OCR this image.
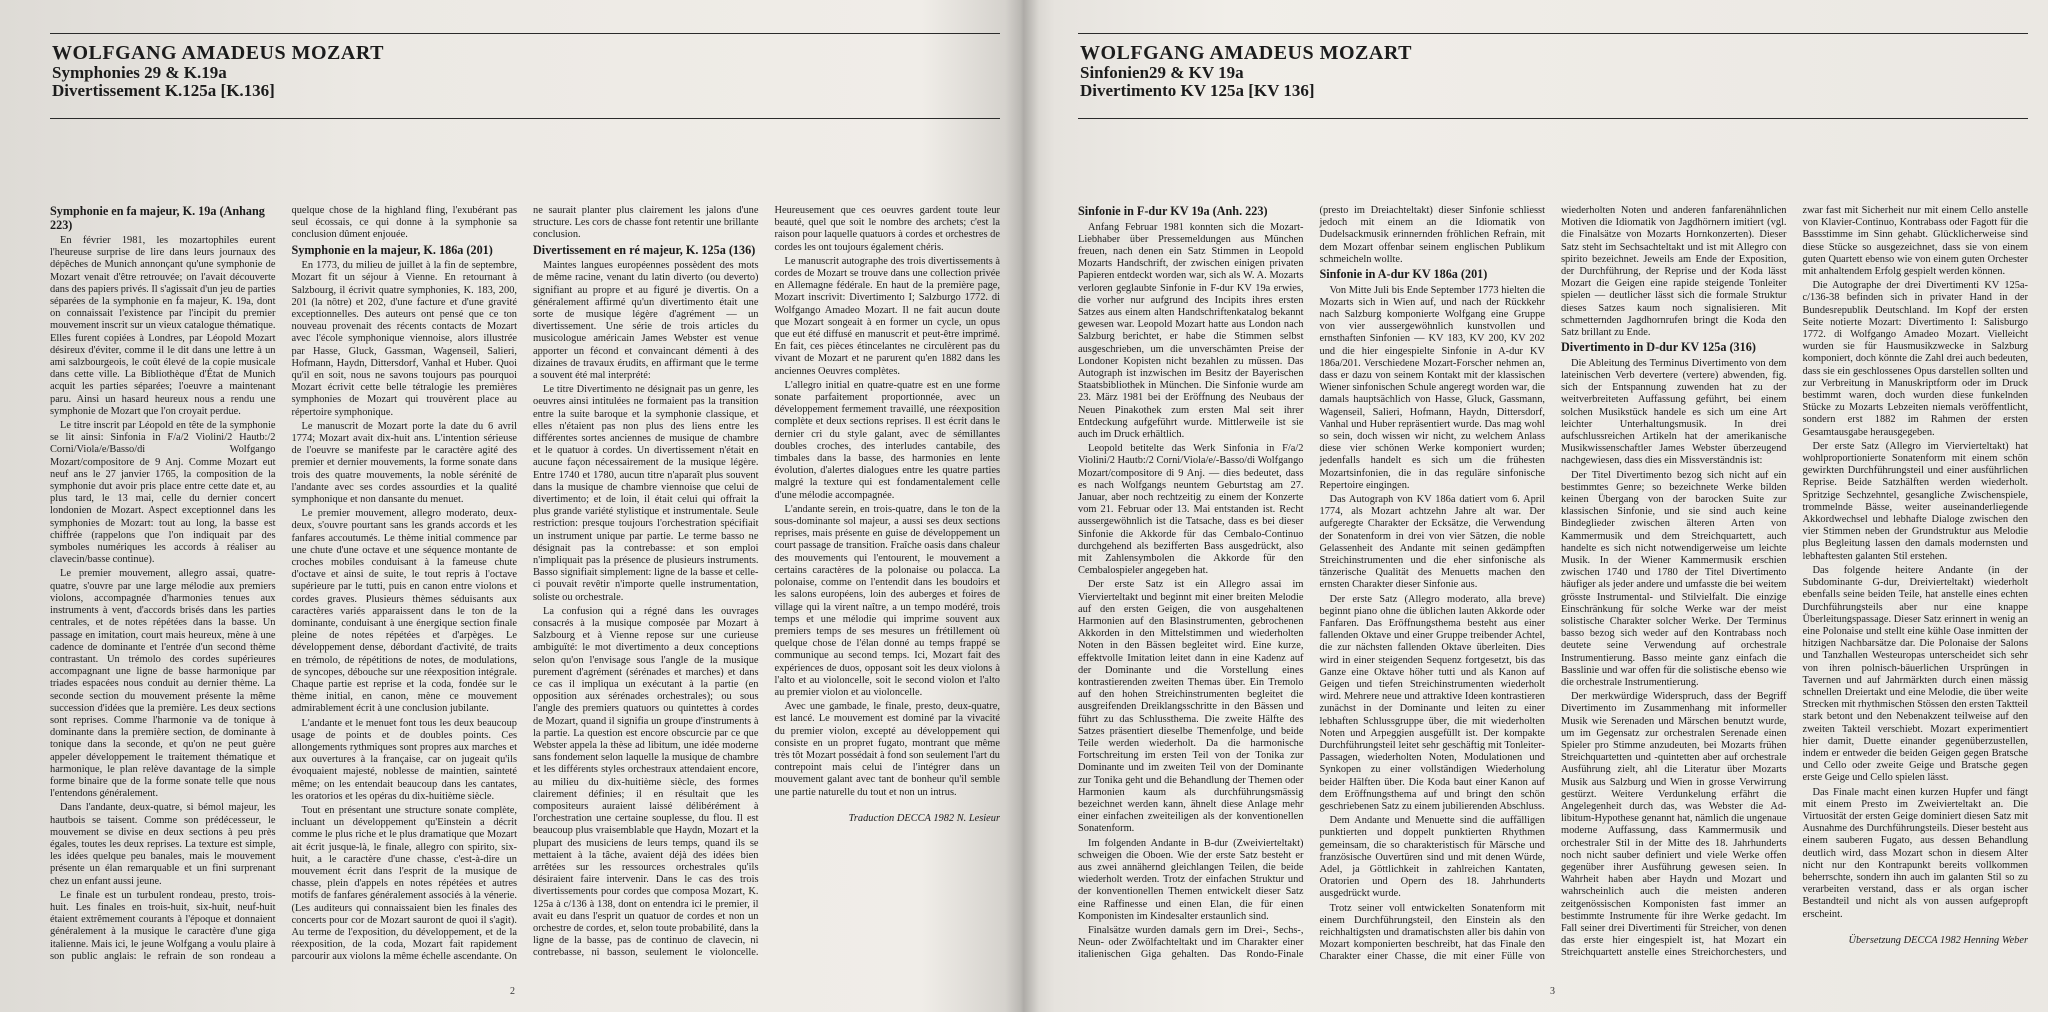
WOLFGANG AMADEUS MOZART
Symphonies 29 & K.19a
Divertissement K.125a [K.136]
Symphonie en fa majeur, K. 19a (Anhang 223)

En février 1981, les mozartophiles eurent l'heureuse surprise de lire dans leurs journaux des dépêches de Munich annonçant qu'une symphonie de Mozart venait d'être retrouvée; on l'avait découverte dans des papiers privés. Il s'agissait d'un jeu de parties séparées de la symphonie en fa majeur, K. 19a, dont on connaissait l'existence par l'incipit du premier mouvement inscrit sur un vieux catalogue thématique. Elles furent copiées à Londres, par Léopold Mozart désireux d'éviter, comme il le dit dans une lettre à un ami salzbourgeois, le coût élevé de la copie musicale dans cette ville. La Bibliothèque d'État de Munich acquit les parties séparées; l'oeuvre a maintenant paru. Ainsi un hasard heureux nous a rendu une symphonie de Mozart que l'on croyait perdue.

Le titre inscrit par Léopold en tête de la symphonie se lit ainsi: Sinfonia in F/a/2 Violini/2 Hautb:/2 Corni/Viola/e/Basso/di Wolfgango Mozart/compositore de 9 Anj. Comme Mozart eut neuf ans le 27 janvier 1765, la composition de la symphonie dut avoir pris place entre cette date et, au plus tard, le 13 mai, celle du dernier concert londonien de Mozart. Aspect exceptionnel dans les symphonies de Mozart: tout au long, la basse est chiffrée (rappelons que l'on indiquait par des symboles numériques les accords à réaliser au clavecin/basse continue).

Le premier mouvement, allegro assai, quatre-quatre, s'ouvre par une large mélodie aux premiers violons, accompagnée d'harmonies tenues aux instruments à vent, d'accords brisés dans les parties centrales, et de notes répétées dans la basse. Un passage en imitation, court mais heureux, mène à une cadence de dominante et l'entrée d'un second thème contrastant. Un trémolo des cordes supérieures accompagnant une ligne de basse harmonique par triades espacées nous conduit au dernier thème. La seconde section du mouvement présente la même succession d'idées que la première. Les deux sections sont reprises. Comme l'harmonie va de tonique à dominante dans la première section, de dominante à tonique dans la seconde, et qu'on ne peut guère appeler développement le traitement thématique et harmonique, le plan relève davantage de la simple forme binaire que de la forme sonate telle que nous l'entendons généralement.

Dans l'andante, deux-quatre, si bémol majeur, les hautbois se taisent. Comme son prédécesseur, le mouvement se divise en deux sections à peu près égales, toutes les deux reprises. La texture est simple, les idées quelque peu banales, mais le mouvement présente un élan remarquable et un fini surprenant chez un enfant aussi jeune.

Le finale est un turbulent rondeau, presto, trois-huit. Les finales en trois-huit, six-huit, neuf-huit étaient extrêmement courants à l'époque et donnaient généralement à la musique le caractère d'une giga italienne. Mais ici, le jeune Wolfgang a voulu plaire à son public anglais: le refrain de son rondeau a quelque chose de la highland fling, l'exubérant pas seul écossais, ce qui donne à la symphonie sa conclusion dûment enjouée.

Symphonie en la majeur, K. 186a (201)

En 1773, du milieu de juillet à la fin de septembre, Mozart fit un séjour à Vienne. En retournant à Salzbourg, il écrivit quatre symphonies, K. 183, 200, 201 (la nôtre) et 202, d'une facture et d'une gravité exceptionnelles. Des auteurs ont pensé que ce ton nouveau provenait des récents contacts de Mozart avec l'école symphonique viennoise, alors illustrée par Hasse, Gluck, Gassman, Wagenseil, Salieri, Hofmann, Haydn, Dittersdorf, Vanhal et Huber. Quoi qu'il en soit, nous ne savons toujours pas pourquoi Mozart écrivit cette belle tétralogie les premières symphonies de Mozart qui trouvèrent place au répertoire symphonique.

Le manuscrit de Mozart porte la date du 6 avril 1774; Mozart avait dix-huit ans. L'intention sérieuse de l'oeuvre se manifeste par le caractère agité des premier et dernier mouvements, la forme sonate dans trois des quatre mouvements, la noble sérénité de l'andante avec ses cordes assourdies et la qualité symphonique et non dansante du menuet.

Le premier mouvement, allegro moderato, deux-deux, s'ouvre pourtant sans les grands accords et les fanfares accoutumés. Le thème initial commence par une chute d'une octave et une séquence montante de croches mobiles conduisant à la fameuse chute d'octave et ainsi de suite, le tout repris à l'octave supérieure par le tutti, puis en canon entre violons et cordes graves. Plusieurs thèmes séduisants aux caractères variés apparaissent dans le ton de la dominante, conduisant à une énergique section finale pleine de notes répétées et d'arpèges. Le développement dense, débordant d'activité, de traits en trémolo, de répétitions de notes, de modulations, de syncopes, débouche sur une réexposition intégrale. Chaque partie est reprise et la coda, fondée sur le thème initial, en canon, mène ce mouvement admirablement écrit à une conclusion jubilante.

L'andante et le menuet font tous les deux beaucoup usage de points et de doubles points. Ces allongements rythmiques sont propres aux marches et aux ouvertures à la française, car on jugeait qu'ils évoquaient majesté, noblesse de maintien, sainteté même; on les entendait beaucoup dans les cantates, les oratorios et les opéras du dix-huitième siècle.

Tout en présentant une structure sonate complète, incluant un développement qu'Einstein a décrit comme le plus riche et le plus dramatique que Mozart ait écrit jusque-là, le finale, allegro con spirito, six-huit, a le caractère d'une chasse, c'est-à-dire un mouvement écrit dans l'esprit de la musique de chasse, plein d'appels en notes répétées et autres motifs de fanfares généralement associés à la vénerie. (Les auditeurs qui connaissaient bien les finales des concerts pour cor de Mozart sauront de quoi il s'agit). Au terme de l'exposition, du développement, et de la réexposition, de la coda, Mozart fait rapidement parcourir aux violons la même échelle ascendante. On ne saurait planter plus clairement les jalons d'une structure. Les cors de chasse font retentir une brillante conclusion.

Divertissement en ré majeur, K. 125a (136)

Maintes langues européennes possèdent des mots de même racine, venant du latin diverto (ou deverto) signifiant au propre et au figuré je divertis. On a généralement affirmé qu'un divertimento était une sorte de musique légère d'agrément — un divertissement. Une série de trois articles du musicologue américain James Webster est venue apporter un fécond et convaincant démenti à des dizaines de travaux érudits, en affirmant que le terme a souvent été mal interprété:

Le titre Divertimento ne désignait pas un genre, les oeuvres ainsi intitulées ne formaient pas la transition entre la suite baroque et la symphonie classique, et elles n'étaient pas non plus des liens entre les différentes sortes anciennes de musique de chambre et le quatuor à cordes. Un divertissement n'était en aucune façon nécessairement de la musique légère. Entre 1740 et 1780, aucun titre n'aparaît plus souvent dans la musique de chambre viennoise que celui de divertimento; et de loin, il était celui qui offrait la plus grande variété stylistique et instrumentale. Seule restriction: presque toujours l'orchestration spécifiait un instrument unique par partie. Le terme basso ne désignait pas la contrebasse: et son emploi n'impliquait pas la présence de plusieurs instruments. Basso signifiait simplement: ligne de la basse et celle-ci pouvait revêtir n'importe quelle instrumentation, soliste ou orchestrale.

La confusion qui a régné dans les ouvrages consacrés à la musique composée par Mozart à Salzbourg et à Vienne repose sur une curieuse ambiguïté: le mot divertimento a deux conceptions selon qu'on l'envisage sous l'angle de la musique purement d'agrément (sérénades et marches) et dans ce cas il impliqua un exécutant à la partie (en opposition aux sérénades orchestrales); ou sous l'angle des premiers quatuors ou quintettes à cordes de Mozart, quand il signifia un groupe d'instruments à la partie. La question est encore obscurcie par ce que Webster appela la thèse ad libitum, une idée moderne sans fondement selon laquelle la musique de chambre et les différents styles orchestraux attendaient encore, au milieu du dix-huitième siècle, des formes clairement définies; il en résultait que les compositeurs auraient laissé délibérément à l'orchestration une certaine souplesse, du flou. Il est beaucoup plus vraisemblable que Haydn, Mozart et la plupart des musiciens de leurs temps, quand ils se mettaient à la tâche, avaient déjà des idées bien arrêtées sur les ressources orchestrales qu'ils désiraient faire intervenir. Dans le cas des trois divertissements pour cordes que composa Mozart, K. 125a à c/136 à 138, dont on entendra ici le premier, il avait eu dans l'esprit un quatuor de cordes et non un orchestre de cordes, et, selon toute probabilité, dans la ligne de la basse, pas de continuo de clavecin, ni contrebasse, ni basson, seulement le violoncelle. Heureusement que ces oeuvres gardent toute leur beauté, quel que soit le nombre des archets; c'est la raison pour laquelle quatuors à cordes et orchestres de cordes les ont toujours également chéris.

Le manuscrit autographe des trois divertissements à cordes de Mozart se trouve dans une collection privée en Allemagne fédérale. En haut de la première page, Mozart inscrivit: Divertimento I; Salzburgo 1772. di Wolfgango Amadeo Mozart. Il ne fait aucun doute que Mozart songeait à en former un cycle, un opus que eut été diffusé en manuscrit et peut-être imprimé. En fait, ces pièces étincelantes ne circulèrent pas du vivant de Mozart et ne parurent qu'en 1882 dans les anciennes Oeuvres complètes.

L'allegro initial en quatre-quatre est en une forme sonate parfaitement proportionnée, avec un développement fermement travaillé, une réexposition complète et deux sections reprises. Il est écrit dans le dernier cri du style galant, avec de sémillantes doubles croches, des interludes cantabile, des timbales dans la basse, des harmonies en lente évolution, d'alertes dialogues entre les quatre parties malgré la texture qui est fondamentalement celle d'une mélodie accompagnée.

L'andante serein, en trois-quatre, dans le ton de la sous-dominante sol majeur, a aussi ses deux sections reprises, mais présente en guise de développement un court passage de transition. Fraîche oasis dans chaleur des mouvements qui l'entourent, le mouvement a certains caractères de la polonaise ou polacca. La polonaise, comme on l'entendit dans les boudoirs et les salons européens, loin des auberges et foires de village qui la virent naître, a un tempo modéré, trois temps et une mélodie qui imprime souvent aux premiers temps de ses mesures un frétillement où quelque chose de l'élan donné au temps frappé se communique au second temps. Ici, Mozart fait des expériences de duos, opposant soit les deux violons à l'alto et au violoncelle, soit le second violon et l'alto au premier violon et au violoncelle.

Avec une gambade, le finale, presto, deux-quatre, est lancé. Le mouvement est dominé par la vivacité du premier violon, excepté au développement qui consiste en un propret fugato, montrant que même très tôt Mozart possédait à fond son seulement l'art du contrepoint mais celui de l'intégrer dans un mouvement galant avec tant de bonheur qu'il semble une partie naturelle du tout et non un intrus.

Traduction DECCA 1982 N. Lesieur

2
WOLFGANG AMADEUS MOZART
Sinfonien29 & KV 19a
Divertimento KV 125a [KV 136]
Sinfonie in F-dur KV 19a (Anh. 223)

Anfang Februar 1981 konnten sich die Mozart-Liebhaber über Pressemeldungen aus München freuen, nach denen ein Satz Stimmen in Leopold Mozarts Handschrift, der zwischen einigen privaten Papieren entdeckt worden war, sich als W. A. Mozarts verloren geglaubte Sinfonie in F-dur KV 19a erwies, die vorher nur aufgrund des Incipits ihres ersten Satzes aus einem alten Handschriftenkatalog bekannt gewesen war. Leopold Mozart hatte aus London nach Salzburg berichtet, er habe die Stimmen selbst ausgeschrieben, um die unverschämten Preise der Londoner Kopisten nicht bezahlen zu müssen. Das Autograph ist inzwischen im Besitz der Bayerischen Staatsbibliothek in München. Die Sinfonie wurde am 23. März 1981 bei der Eröffnung des Neubaus der Neuen Pinakothek zum ersten Mal seit ihrer Entdeckung aufgeführt wurde. Mittlerweile ist sie auch im Druck erhältlich.

Leopold betitelte das Werk Sinfonia in F/a/2 Violini/2 Hautb:/2 Corni/Viola/e/-Basso/di Wolfgango Mozart/compositore di 9 Anj. — dies bedeutet, dass es nach Wolfgangs neuntem Geburtstag am 27. Januar, aber noch rechtzeitig zu einem der Konzerte vom 21. Februar oder 13. Mai entstanden ist. Recht aussergewöhnlich ist die Tatsache, dass es bei dieser Sinfonie die Akkorde für das Cembalo-Continuo durchgehend als bezifferten Bass ausgedrückt, also mit Zahlensymbolen die Akkorde für den Cembalospieler angegeben hat.

Der erste Satz ist ein Allegro assai im Viervierteltakt und beginnt mit einer breiten Melodie auf den ersten Geigen, die von ausgehaltenen Harmonien auf den Blasinstrumenten, gebrochenen Akkorden in den Mittelstimmen und wiederholten Noten in den Bässen begleitet wird. Eine kurze, effektvolle Imitation leitet dann in eine Kadenz auf der Dominante und die Vorstellung eines kontrastierenden zweiten Themas über. Ein Tremolo auf den hohen Streichinstrumenten begleitet die ausgreifenden Dreiklangsschritte in den Bässen und führt zu das Schlussthema. Die zweite Hälfte des Satzes präsentiert dieselbe Themenfolge, und beide Teile werden wiederholt. Da die harmonische Fortschreitung im ersten Teil von der Tonika zur Dominante und im zweiten Teil von der Dominante zur Tonika geht und die Behandlung der Themen oder Harmonien kaum als durchführungsmässig bezeichnet werden kann, ähnelt diese Anlage mehr einer einfachen zweiteiligen als der konventionellen Sonatenform.

Im folgenden Andante in B-dur (Zweivierteltakt) schweigen die Oboen. Wie der erste Satz besteht er aus zwei annähernd gleichlangen Teilen, die beide wiederholt werden. Trotz der einfachen Struktur und der konventionellen Themen entwickelt dieser Satz eine Raffinesse und einen Elan, die für einen Komponisten im Kindesalter erstaunlich sind.

Finalsätze wurden damals gern im Drei-, Sechs-, Neun- oder Zwölfachteltakt und im Charakter einer italienischen Giga gehalten. Das Rondo-Finale (presto im Dreiachteltakt) dieser Sinfonie schliesst jedoch mit einem an die Idiomatik von Dudelsackmusik erinnernden fröhlichen Refrain, mit dem Mozart offenbar seinem englischen Publikum schmeicheln wollte.

Sinfonie in A-dur KV 186a (201)

Von Mitte Juli bis Ende September 1773 hielten die Mozarts sich in Wien auf, und nach der Rückkehr nach Salzburg komponierte Wolfgang eine Gruppe von vier aussergewöhnlich kunstvollen und ernsthaften Sinfonien — KV 183, KV 200, KV 202 und die hier eingespielte Sinfonie in A-dur KV 186a/201. Verschiedene Mozart-Forscher nehmen an, dass er dazu von seinem Kontakt mit der klassischen Wiener sinfonischen Schule angeregt worden war, die damals hauptsächlich von Hasse, Gluck, Gassmann, Wagenseil, Salieri, Hofmann, Haydn, Dittersdorf, Vanhal und Huber repräsentiert wurde. Das mag wohl so sein, doch wissen wir nicht, zu welchem Anlass diese vier schönen Werke komponiert wurden; jedenfalls handelt es sich um die frühesten Mozartsinfonien, die in das reguläre sinfonische Repertoire eingingen.

Das Autograph von KV 186a datiert vom 6. April 1774, als Mozart achtzehn Jahre alt war. Der aufgeregte Charakter der Ecksätze, die Verwendung der Sonatenform in drei von vier Sätzen, die noble Gelassenheit des Andante mit seinen gedämpften Streichinstrumenten und die eher sinfonische als tänzerische Qualität des Menuetts machen den ernsten Charakter dieser Sinfonie aus.

Der erste Satz (Allegro moderato, alla breve) beginnt piano ohne die üblichen lauten Akkorde oder Fanfaren. Das Eröffnungsthema besteht aus einer fallenden Oktave und einer Gruppe treibender Achtel, die zur nächsten fallenden Oktave überleiten. Dies wird in einer steigenden Sequenz fortgesetzt, bis das Ganze eine Oktave höher tutti und als Kanon auf Geigen und tiefen Streichinstrumenten wiederholt wird. Mehrere neue und attraktive Ideen kontrastieren zunächst in der Dominante und leiten zu einer lebhaften Schlussgruppe über, die mit wiederholten Noten und Arpeggien ausgefüllt ist. Der kompakte Durchführungsteil leitet sehr geschäftig mit Tonleiter-Passagen, wiederholten Noten, Modulationen und Synkopen zu einer vollständigen Wiederholung beider Hälften über. Die Koda baut einer Kanon auf dem Eröffnungsthema auf und bringt den schön geschriebenen Satz zu einem jubilierenden Abschluss.

Dem Andante und Menuette sind die auffälligen punktierten und doppelt punktierten Rhythmen gemeinsam, die so charakteristisch für Märsche und französische Ouvertüren sind und mit denen Würde, Adel, ja Göttlichkeit in zahlreichen Kantaten, Oratorien und Opern des 18. Jahrhunderts ausgedrückt wurde.

Trotz seiner voll entwickelten Sonatenform mit einem Durchführungsteil, den Einstein als den reichhaltigsten und dramatischsten aller bis dahin von Mozart komponierten beschreibt, hat das Finale den Charakter einer Chasse, die mit einer Fülle von wiederholten Noten und anderen fanfarenähnlichen Motiven die Idiomatik von Jagdhörnern imitiert (vgl. die Finalsätze von Mozarts Hornkonzerten). Dieser Satz steht im Sechsachteltakt und ist mit Allegro con spirito bezeichnet. Jeweils am Ende der Exposition, der Durchführung, der Reprise und der Koda lässt Mozart die Geigen eine rapide steigende Tonleiter spielen — deutlicher lässt sich die formale Struktur dieses Satzes kaum noch signalisieren. Mit schmetternden Jagdhornrufen bringt die Koda den Satz brillant zu Ende.

Divertimento in D-dur KV 125a (316)

Die Ableitung des Terminus Divertimento von dem lateinischen Verb devertere (vertere) abwenden, fig. sich der Entspannung zuwenden hat zu der weitverbreiteten Auffassung geführt, bei einem solchen Musikstück handele es sich um eine Art leichter Unterhaltungsmusik. In drei aufschlussreichen Artikeln hat der amerikanische Musikwissenschaftler James Webster überzeugend nachgewiesen, dass dies ein Missverständnis ist:

Der Titel Divertimento bezog sich nicht auf ein bestimmtes Genre; so bezeichnete Werke bilden keinen Übergang von der barocken Suite zur klassischen Sinfonie, und sie sind auch keine Bindeglieder zwischen älteren Arten von Kammermusik und dem Streichquartett, auch handelte es sich nicht notwendigerweise um leichte Musik. In der Wiener Kammermusik erschien zwischen 1740 und 1780 der Titel Divertimento häufiger als jeder andere und umfasste die bei weitem grösste Instrumental- und Stilvielfalt. Die einzige Einschränkung für solche Werke war der meist solistische Charakter solcher Werke. Der Terminus basso bezog sich weder auf den Kontrabass noch deutete seine Verwendung auf orchestrale Instrumentierung. Basso meinte ganz einfach die Basslinie und war offen für die solistische ebenso wie die orchestrale Instrumentierung.

Der merkwürdige Widerspruch, dass der Begriff Divertimento im Zusammenhang mit informeller Musik wie Serenaden und Märschen benutzt wurde, um im Gegensatz zur orchestralen Serenade einen Spieler pro Stimme anzudeuten, bei Mozarts frühen Streichquartetten und -quintetten aber auf orchestrale Ausführung zielt, ahl die Literatur über Mozarts Musik aus Salzburg und Wien in grosse Verwirrung gestürzt. Weitere Verdunkelung erfährt die Angelegenheit durch das, was Webster die Ad-libitum-Hypothese genannt hat, nämlich die ungenaue moderne Auffassung, dass Kammermusik und orchestraler Stil in der Mitte des 18. Jahrhunderts noch nicht sauber definiert und viele Werke offen gegenüber ihrer Ausführung gewesen seien. In Wahrheit haben aber Haydn und Mozart und wahrscheinlich auch die meisten anderen zeitgenössischen Komponisten fast immer an bestimmte Instrumente für ihre Werke gedacht. Im Fall seiner drei Divertimenti für Streicher, von denen das erste hier eingespielt ist, hat Mozart ein Streichquartett anstelle eines Streichorchesters, und zwar fast mit Sicherheit nur mit einem Cello anstelle von Klavier-Continuo, Kontrabass oder Fagott für die Bassstimme im Sinn gehabt. Glücklicherweise sind diese Stücke so ausgezeichnet, dass sie von einem guten Quartett ebenso wie von einem guten Orchester mit anhaltendem Erfolg gespielt werden können.

Die Autographe der drei Divertimenti KV 125a-c/136-38 befinden sich in privater Hand in der Bundesrepublik Deutschland. Im Kopf der ersten Seite notierte Mozart: Divertimento I: Salisburgo 1772. di Wolfgango Amadeo Mozart. Vielleicht wurden sie für Hausmusikzwecke in Salzburg komponiert, doch könnte die Zahl drei auch bedeuten, dass sie ein geschlossenes Opus darstellen sollten und zur Verbreitung in Manuskriptform oder im Druck bestimmt waren, doch wurden diese funkelnden Stücke zu Mozarts Lebzeiten niemals veröffentlicht, sondern erst 1882 im Rahmen der ersten Gesamtausgabe herausgegeben.

Der erste Satz (Allegro im Viervierteltakt) hat wohlproportionierte Sonatenform mit einem schön gewirkten Durchführungsteil und einer ausführlichen Reprise. Beide Satzhälften werden wiederholt. Spritzige Sechzehntel, gesangliche Zwischenspiele, trommelnde Bässe, weiter auseinanderliegende Akkordwechsel und lebhafte Dialoge zwischen den vier Stimmen neben der Grundstruktur aus Melodie plus Begleitung lassen den damals modernsten und lebhaftesten galanten Stil erstehen.

Das folgende heitere Andante (in der Subdominante G-dur, Dreivierteltakt) wiederholt ebenfalls seine beiden Teile, hat anstelle eines echten Durchführungsteils aber nur eine knappe Überleitungspassage. Dieser Satz erinnert in wenig an eine Polonaise und stellt eine kühle Oase inmitten der hitzigen Nachbarsätze dar. Die Polonaise der Salons und Tanzhallen Westeuropas unterscheidet sich sehr von ihren polnisch-bäuerlichen Ursprüngen in Tavernen und auf Jahrmärkten durch einen mässig schnellen Dreiertakt und eine Melodie, die über weite Strecken mit rhythmischen Stössen den ersten Taktteil stark betont und den Nebenakzent teilweise auf den zweiten Takteil verschiebt. Mozart experimentiert hier damit, Duette einander gegenüberzustellen, indem er entweder die beiden Geigen gegen Bratsche und Cello oder zweite Geige und Bratsche gegen erste Geige und Cello spielen lässt.

Das Finale macht einen kurzen Hupfer und fängt mit einem Presto im Zweivierteltakt an. Die Virtuosität der ersten Geige dominiert diesen Satz mit Ausnahme des Durchführungsteils. Dieser besteht aus einem sauberen Fugato, aus dessen Behandlung deutlich wird, dass Mozart schon in diesem Alter nicht nur den Kontrapunkt bereits vollkommen beherrschte, sondern ihn auch im galanten Stil so zu verarbeiten verstand, dass er als organ ischer Bestandteil und nicht als von aussen aufgepropft erscheint.

Übersetzung DECCA 1982 Henning Weber

3
